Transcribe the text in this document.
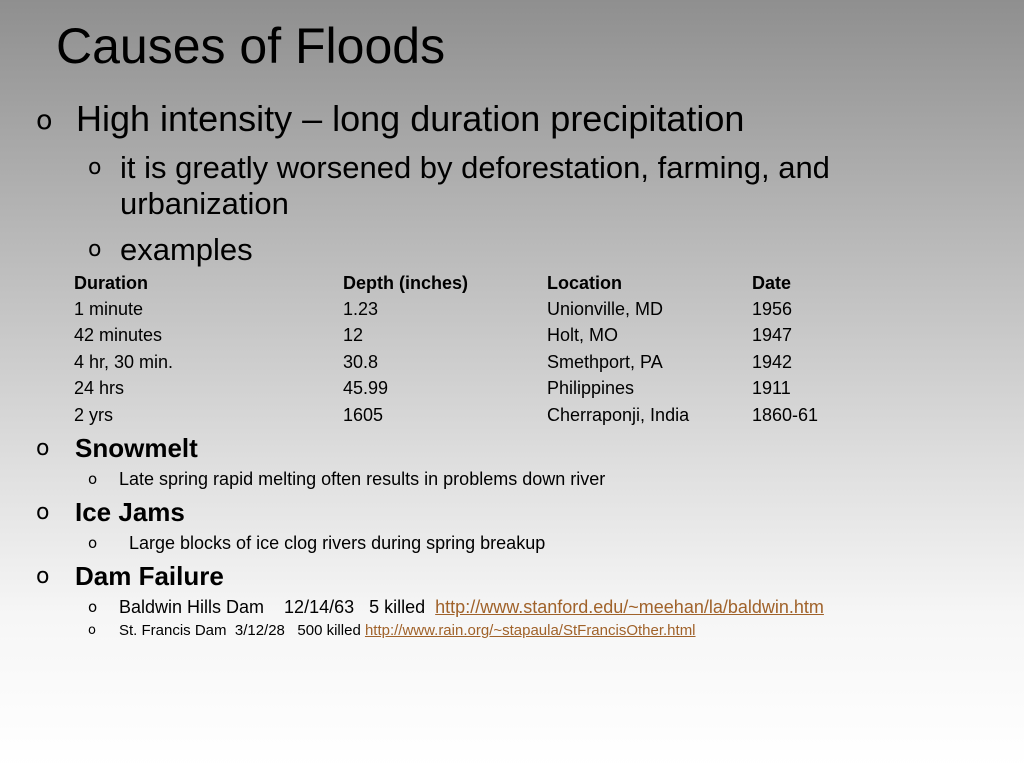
Causes of Floods
o High intensity – long duration precipitation
o it is greatly worsened by deforestation, farming, and urbanization
o examples
Duration	Depth (inches)	Location	Date
1 minute	1.23	Unionville, MD	1956
42 minutes	12	Holt, MO	1947
4 hr, 30 min.	30.8	Smethport, PA	1942
24 hrs	45.99	Philippines	1911
2 yrs	1605	Cherraponji, India	1860-61
o Snowmelt
o Late spring rapid melting often results in problems down river
o Ice Jams
o Large blocks of ice clog rivers during spring breakup
o Dam Failure
o Baldwin Hills Dam    12/14/63   5 killed  http://www.stanford.edu/~meehan/la/baldwin.htm
o St. Francis Dam  3/12/28   500 killed http://www.rain.org/~stapaula/StFrancisOther.html
